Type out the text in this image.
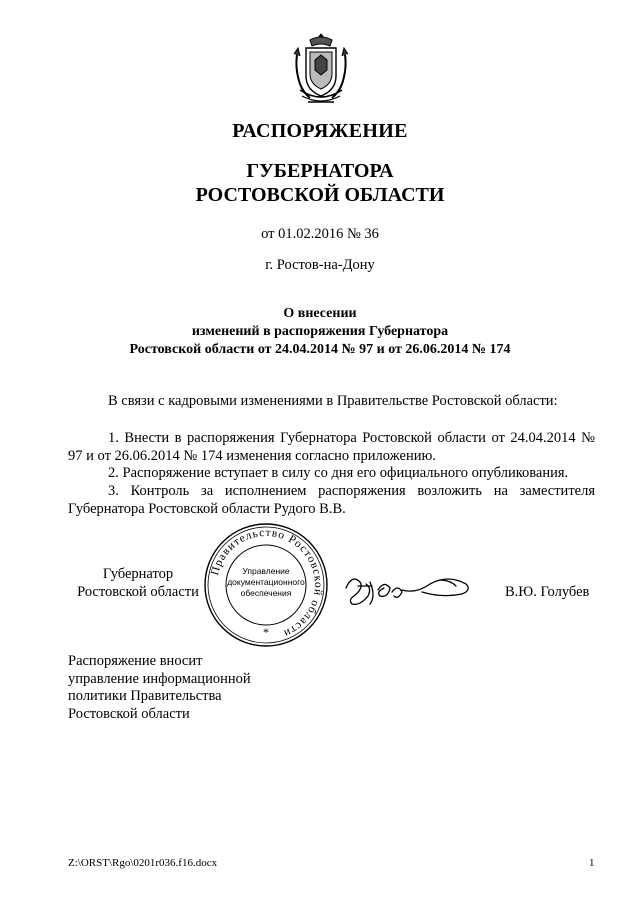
РАСПОРЯЖЕНИЕ
ГУБЕРНАТОРА
РОСТОВСКОЙ ОБЛАСТИ
от 01.02.2016 № 36
г. Ростов-на-Дону
О внесении
изменений в распоряжения Губернатора
Ростовской области от 24.04.2014 № 97 и от 26.06.2014 № 174
В связи с кадровыми изменениями в Правительстве Ростовской области:
1. Внести в распоряжения Губернатора Ростовской области от 24.04.2014 № 97 и от 26.06.2014 № 174 изменения согласно приложению.
2. Распоряжение вступает в силу со дня его официального опубликования.
3. Контроль за исполнением распоряжения возложить на заместителя Губернатора Ростовской области Рудого В.В.
Губернатор
Ростовской области
Правительство Ростовской области
Управление
документационного
обеспечения
*
В.Ю. Голубев
Распоряжение вносит
управление информационной
политики Правительства
Ростовской области
Z:\ORST\Rgo\0201r036.f16.docx	1
